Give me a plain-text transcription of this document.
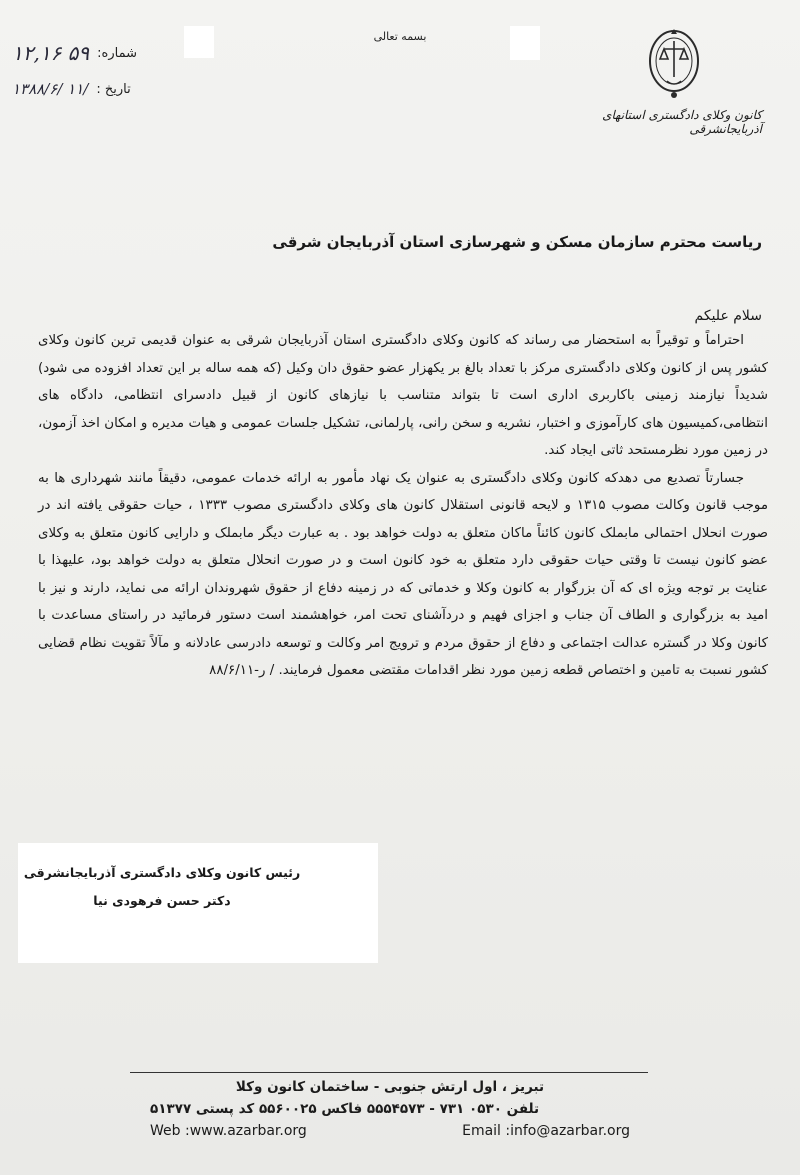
بسمه تعالی
۱۲,۱۶ ۵۹ شماره:
۱۳۸۸/۶/ ۱۱/ تاریخ :
کانون وکلای دادگستری استانهای آذربایجانشرقی
ریاست محترم سازمان مسکن و شهرسازی استان آذربایجان شرقی
سلام علیکم

احتراماً و توقیراً به استحضار می رساند که کانون وکلای دادگستری استان آذربایجان شرقی به عنوان قدیمی ترین کانون وکلای کشور پس از کانون وکلای دادگستری مرکز با تعداد بالغ بر یکهزار عضو حقوق دان وکیل (که همه ساله بر این تعداد افزوده می شود) شدیداً نیازمند زمینی باکاربری اداری است تا بتواند متناسب با نیازهای کانون از قبیل دادسرای انتظامی، دادگاه های انتظامی،کمیسیون های کارآموزی و اختبار، نشریه و سخن رانی، پارلمانی، تشکیل جلسات عمومی و هیات مدیره و امکان اخذ آزمون، در زمین مورد نظرمستحد ثاتی ایجاد کند.

جسارتاً تصدیع می دهدکه کانون وکلای دادگستری به عنوان یک نهاد مأمور به ارائه خدمات عمومی، دقیقاً مانند شهرداری ها به موجب قانون وکالت مصوب ۱۳۱۵ و لایحه قانونی استقلال کانون های وکلای دادگستری مصوب ۱۳۳۳ ، حیات حقوقی یافته اند در صورت انحلال احتمالی مابملک کانون کائناً ماکان متعلق به دولت خواهد بود . به عبارت دیگر مابملک و دارایی کانون متعلق به وکلای عضو کانون نیست تا وقتی حیات حقوقی دارد متعلق به خود کانون است و در صورت انحلال متعلق به دولت خواهد بود، علیهذا با عنایت بر توجه ویژه ای که آن بزرگوار به کانون وکلا و خدماتی که در زمینه دفاع از حقوق شهروندان ارائه می نماید، دارند و نیز با امید به بزرگواری و الطاف آن جناب و اجزای فهیم و دردآشنای تحت امر، خواهشمند است دستور فرمائید در راستای مساعدت با کانون وکلا در گستره عدالت اجتماعی و دفاع از حقوق مردم و ترویج امر وکالت و توسعه دادرسی عادلانه و مآلاً تقویت نظام قضایی کشور نسبت به تامین و اختصاص قطعه زمین مورد نظر اقدامات مقتضی معمول فرمایند. / ر-۸۸/۶/۱۱

رئیس کانون وکلای دادگستری آذربایجانشرقی
دکتر حسن فرهودی نیا
تبریز ، اول ارتش جنوبی - ساختمان کانون وکلا
تلفن ۰۵۳۰ ۷۳۱ - ۵۵۵۴۵۷۳ فاکس ۵۵۶۰۰۲۵ کد پستی ۵۱۳۷۷
Web :www.azarbar.org	Email :info@azarbar.org
